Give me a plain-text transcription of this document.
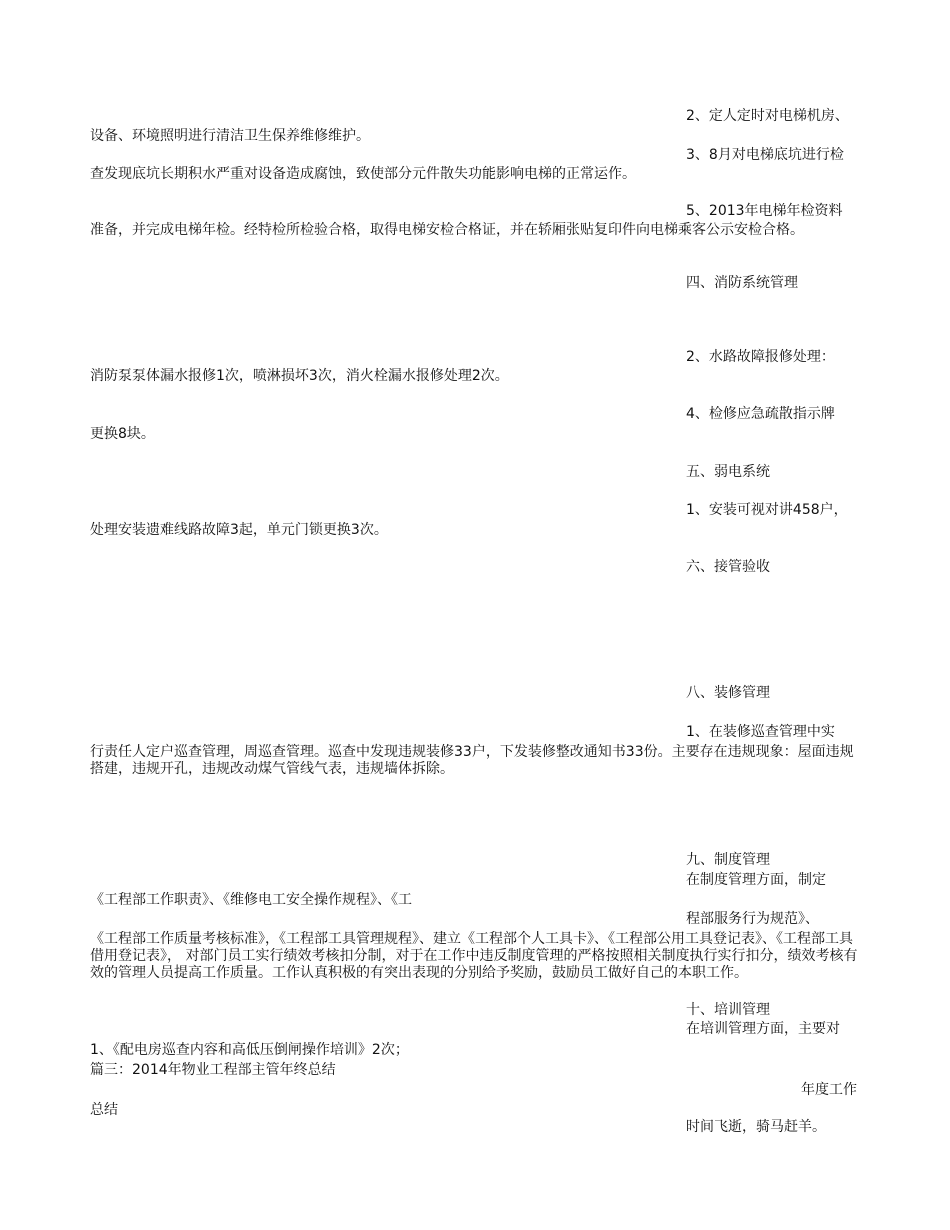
2、定人定时对电梯机房、
设备、环境照明进行清洁卫生保养维修维护。
3、8月对电梯底坑进行检
查发现底坑长期积水严重对设备造成腐蚀，致使部分元件散失功能影响电梯的正常运作。
5、2013年电梯年检资料
准备，并完成电梯年检。经特检所检验合格，取得电梯安检合格证，并在轿厢张贴复印件向电梯乘客公示安检合格。
四、消防系统管理
2、水路故障报修处理：
消防泵泵体漏水报修1次，喷淋损坏3次，消火栓漏水报修处理2次。
4、检修应急疏散指示牌
更换8块。
五、弱电系统
1、安装可视对讲458户，
处理安装遗难线路故障3起，单元门锁更换3次。
六、接管验收
八、装修管理
1、在装修巡查管理中实
行责任人定户巡查管理，周巡查管理。巡查中发现违规装修33户，下发装修整改通知书33份。主要存在违规现象：屋面违规搭建，违规开孔，违规改动煤气管线气表，违规墙体拆除。
九、制度管理
在制度管理方面，制定
《工程部工作职责》、《维修电工安全操作规程》、《工
程部服务行为规范》、
《工程部工作质量考核标准》，《工程部工具管理规程》、建立《工程部个人工具卡》、《工程部公用工具登记表》、《工程部工具借用登记表》， 对部门员工实行绩效考核扣分制，对于在工作中违反制度管理的严格按照相关制度执行实行扣分，绩效考核有效的管理人员提高工作质量。工作认真积极的有突出表现的分别给予奖励，鼓励员工做好自己的本职工作。
十、培训管理
在培训管理方面，主要对
1、《配电房巡查内容和高低压倒闸操作培训》2次；
篇三：2014年物业工程部主管年终总结
年度工作
总结
时间飞逝，骑马赶羊。
